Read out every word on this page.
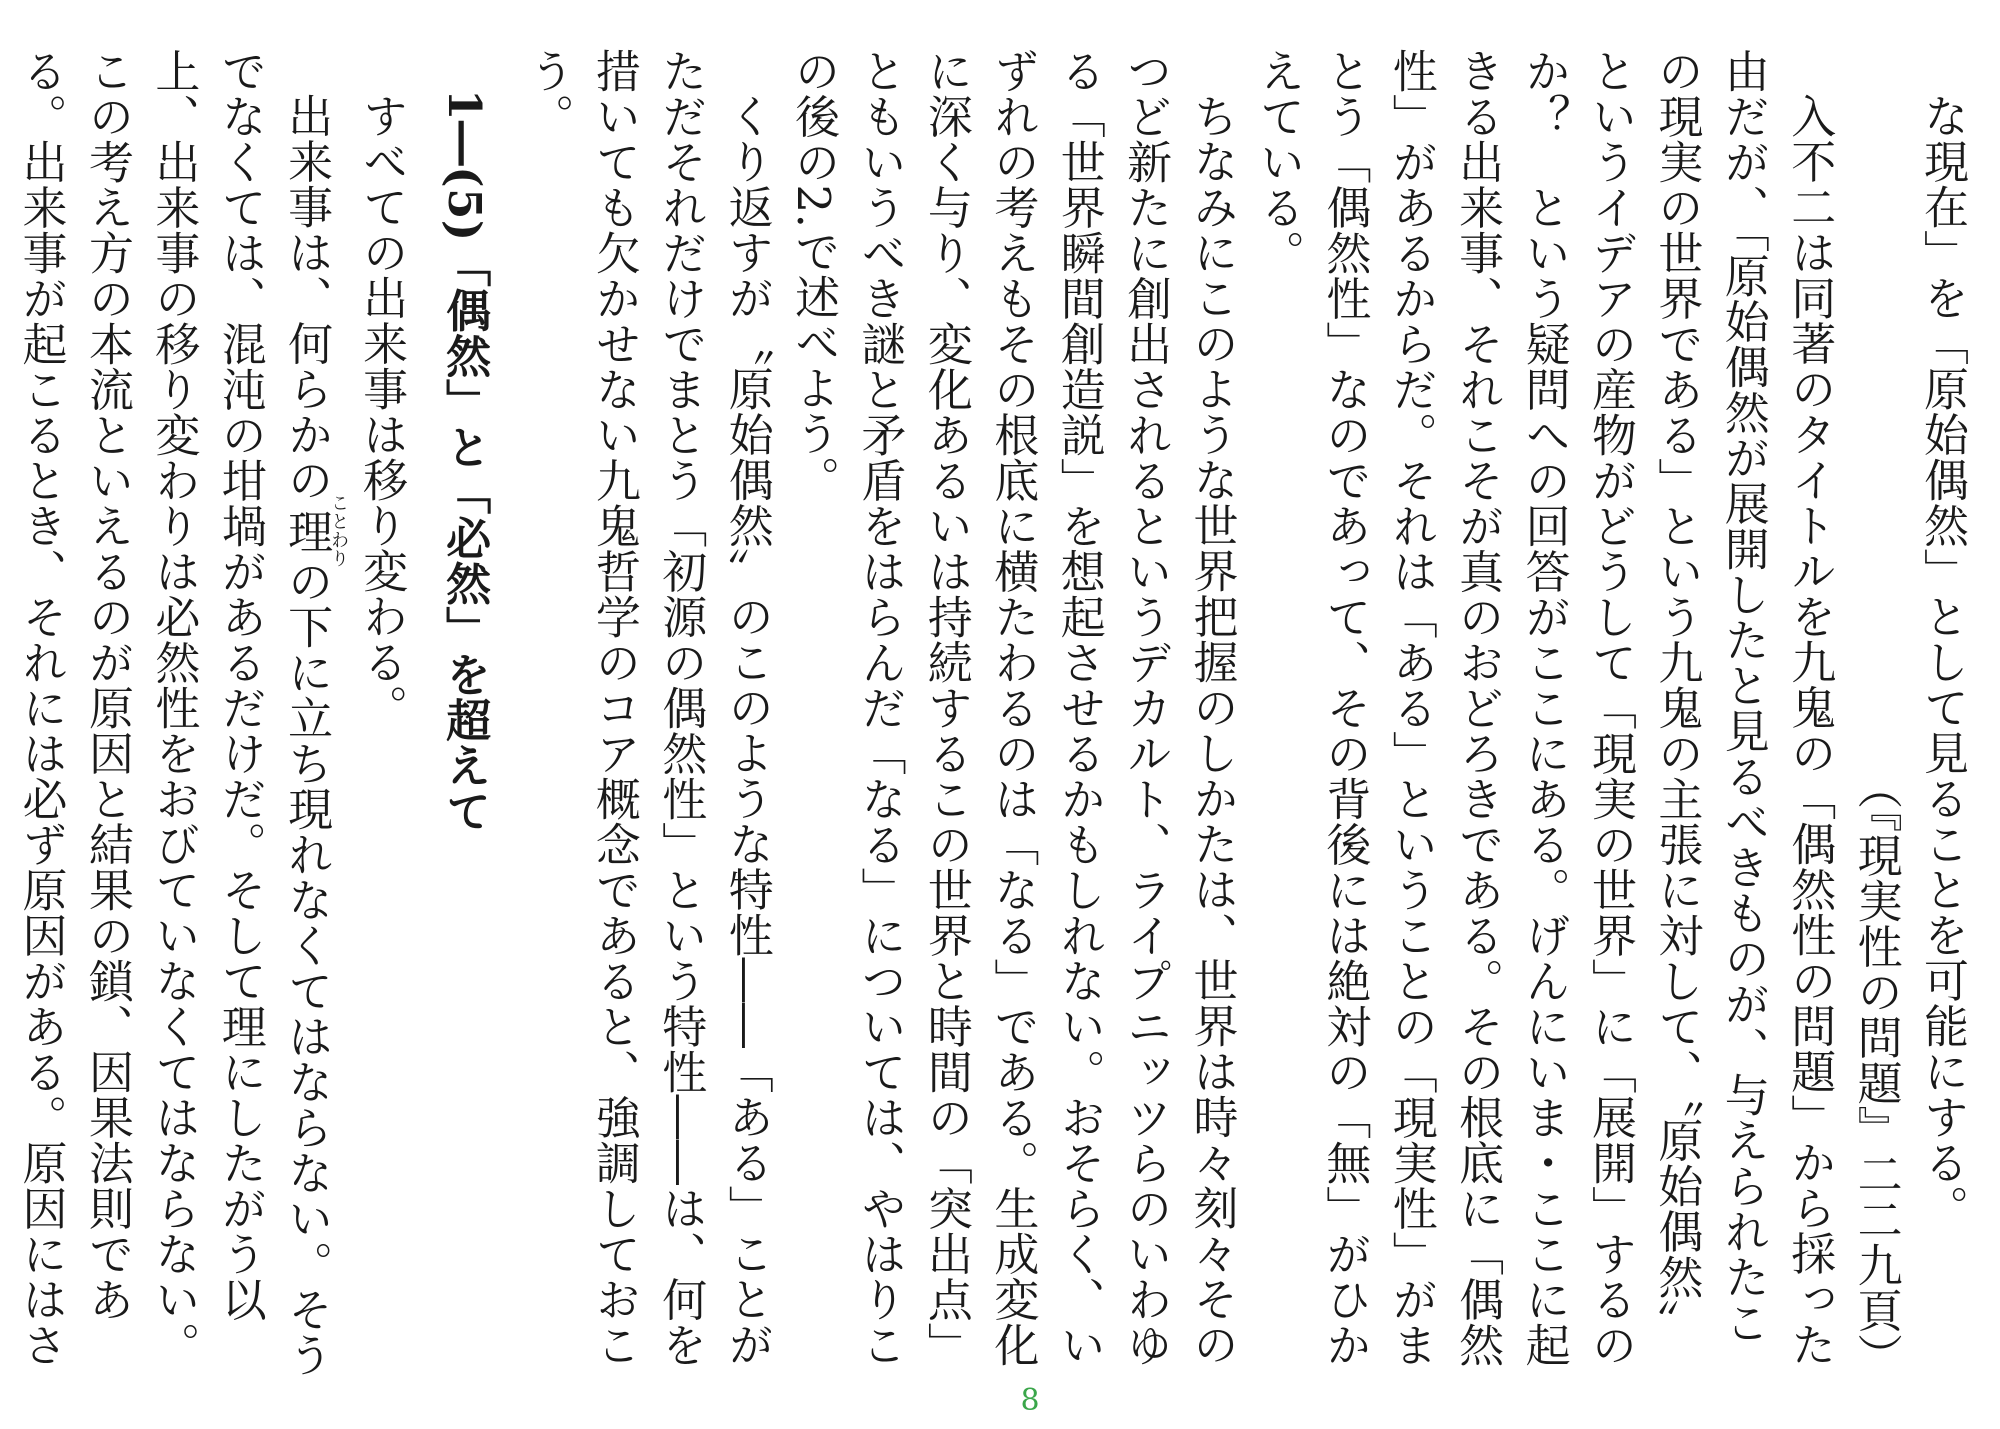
な現在」を「原始偶然」として見ることを可能にする。

（『現実性の問題』二二九頁）

入不二は同著のタイトルを九鬼の「偶然性の問題」から採った由だが、「原始偶然が展開したと見るべきものが、与えられたこの現実の世界である」という九鬼の主張に対して、〝原始偶然〟というイデアの産物がどうして「現実の世界」に「展開」するのか？　という疑問への回答がここにある。げんにいま・ここに起きる出来事、それこそが真のおどろきである。その根底に「偶然性」があるからだ。それは「ある」ということの「現実性」がまとう「偶然性」なのであって、その背後には絶対の「無」がひかえている。

ちなみにこのような世界把握のしかたは、世界は時々刻々そのつど新たに創出されるというデカルト、ライプニッツらのいわゆる「世界瞬間創造説」を想起させるかもしれない。おそらく、いずれの考えもその根底に横たわるのは「なる」である。生成変化に深く与り、変化あるいは持続するこの世界と時間の「突出点」ともいうべき謎と矛盾をはらんだ「なる」については、やはりこの後の2.で述べよう。

くり返すが〝原始偶然〟のこのような特性――「ある」ことがただそれだけでまとう「初源の偶然性」という特性――は、何を措いても欠かせない九鬼哲学のコア概念であると、強調しておこう。

1―(5)「偶然」と「必然」を超えて

すべての出来事は移り変わる。

出来事は、何らかの理ことわりの下に立ち現れなくてはならない。そうでなくては、混沌の坩堝があるだけだ。そして理にしたがう以上、出来事の移り変わりは必然性をおびていなくてはならない。この考え方の本流といえるのが原因と結果の鎖、因果法則である。出来事が起こるとき、それには必ず原因がある。原因にはさ

8
